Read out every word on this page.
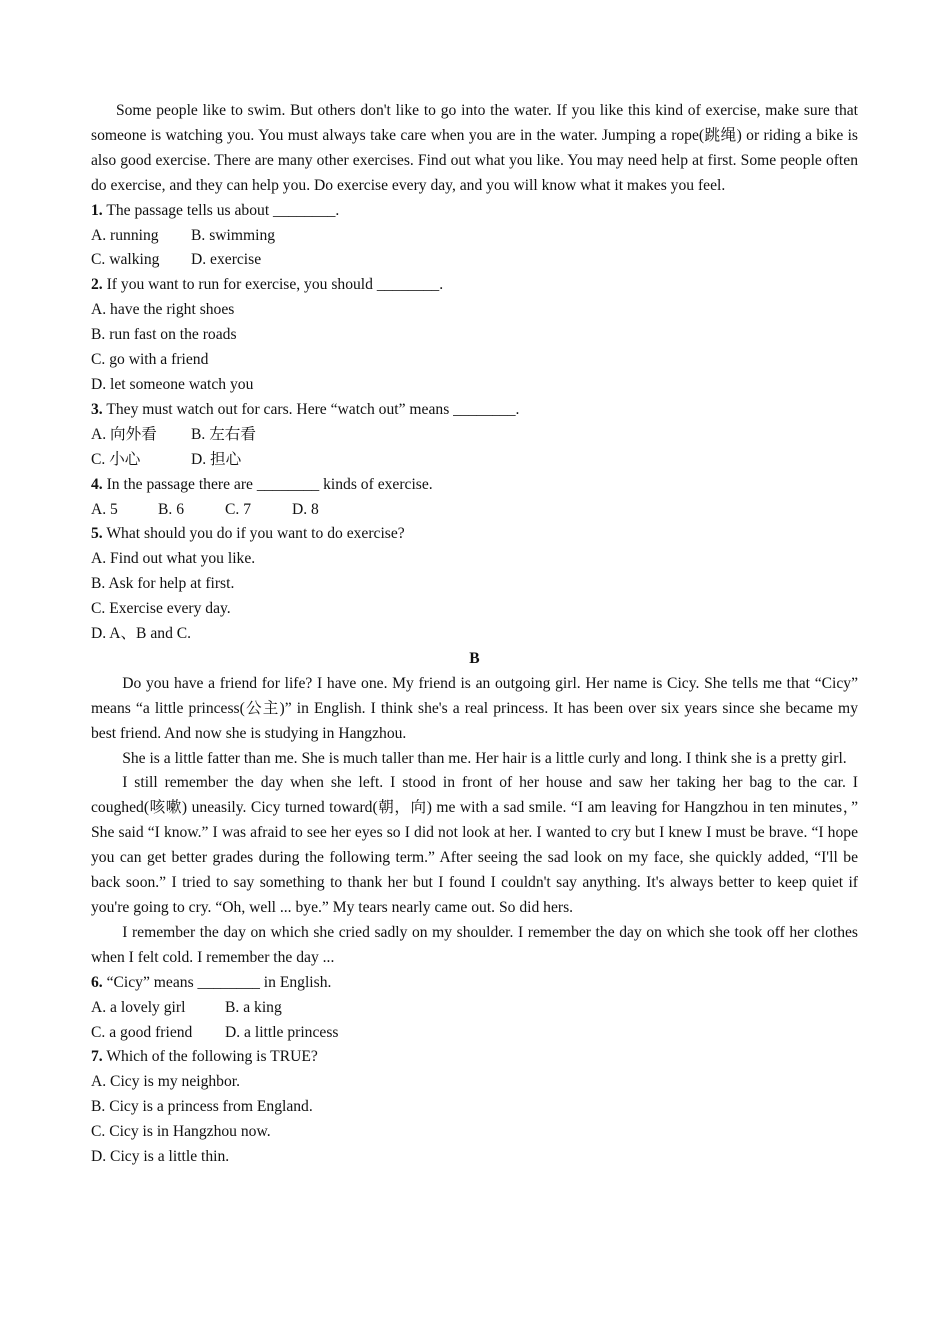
Some people like to swim. But others don't like to go into the water. If you like this kind of exercise, make sure that someone is watching you. You must always take care when you are in the water. Jumping a rope(跳绳) or riding a bike is also good exercise. There are many other exercises. Find out what you like. You may need help at first. Some people often do exercise, and they can help you. Do exercise every day, and you will know what it makes you feel.

1. The passage tells us about ________.

A. running B. swimming

C. walking D. exercise

2. If you want to run for exercise, you should ________.

A. have the right shoes

B. run fast on the roads

C. go with a friend

D. let someone watch you

3. They must watch out for cars. Here “watch out” means ________.

A. 向外看 B. 左右看

C. 小心	D. 担心

4. In the passage there are ________ kinds of exercise.

A. 5	B. 6	C. 7	D. 8

5. What should you do if you want to do exercise?

A. Find out what you like.

B. Ask for help at first.

C. Exercise every day.

D. A、B and C.

B

Do you have a friend for life? I have one. My friend is an outgoing girl. Her name is Cicy. She tells me that “Cicy” means “a little princess(公主)” in English. I think she's a real princess. It has been over six years since she became my best friend. And now she is studying in Hangzhou.

She is a little fatter than me. She is much taller than me. Her hair is a little curly and long. I think she is a pretty girl.

I still remember the day when she left. I stood in front of her house and saw her taking her bag to the car. I coughed(咳嗽) uneasily. Cicy turned toward(朝，向) me with a sad smile. “I am leaving for Hangzhou in ten minutes，” She said “I know.” I was afraid to see her eyes so I did not look at her. I wanted to cry but I knew I must be brave. “I hope you can get better grades during the following term.” After seeing the sad look on my face, she quickly added, “I'll be back soon.” I tried to say something to thank her but I found I couldn't say anything. It's always better to keep quiet if you're going to cry. “Oh, well ... bye.” My tears nearly came out. So did hers.

I remember the day on which she cried sadly on my shoulder. I remember the day on which she took off her clothes when I felt cold. I remember the day ...

6. “Cicy” means ________ in English.

A. a lovely girl	B. a king

C. a good friend D. a little princess

7. Which of the following is TRUE?

A. Cicy is my neighbor.

B. Cicy is a princess from England.

C. Cicy is in Hangzhou now.

D. Cicy is a little thin.
